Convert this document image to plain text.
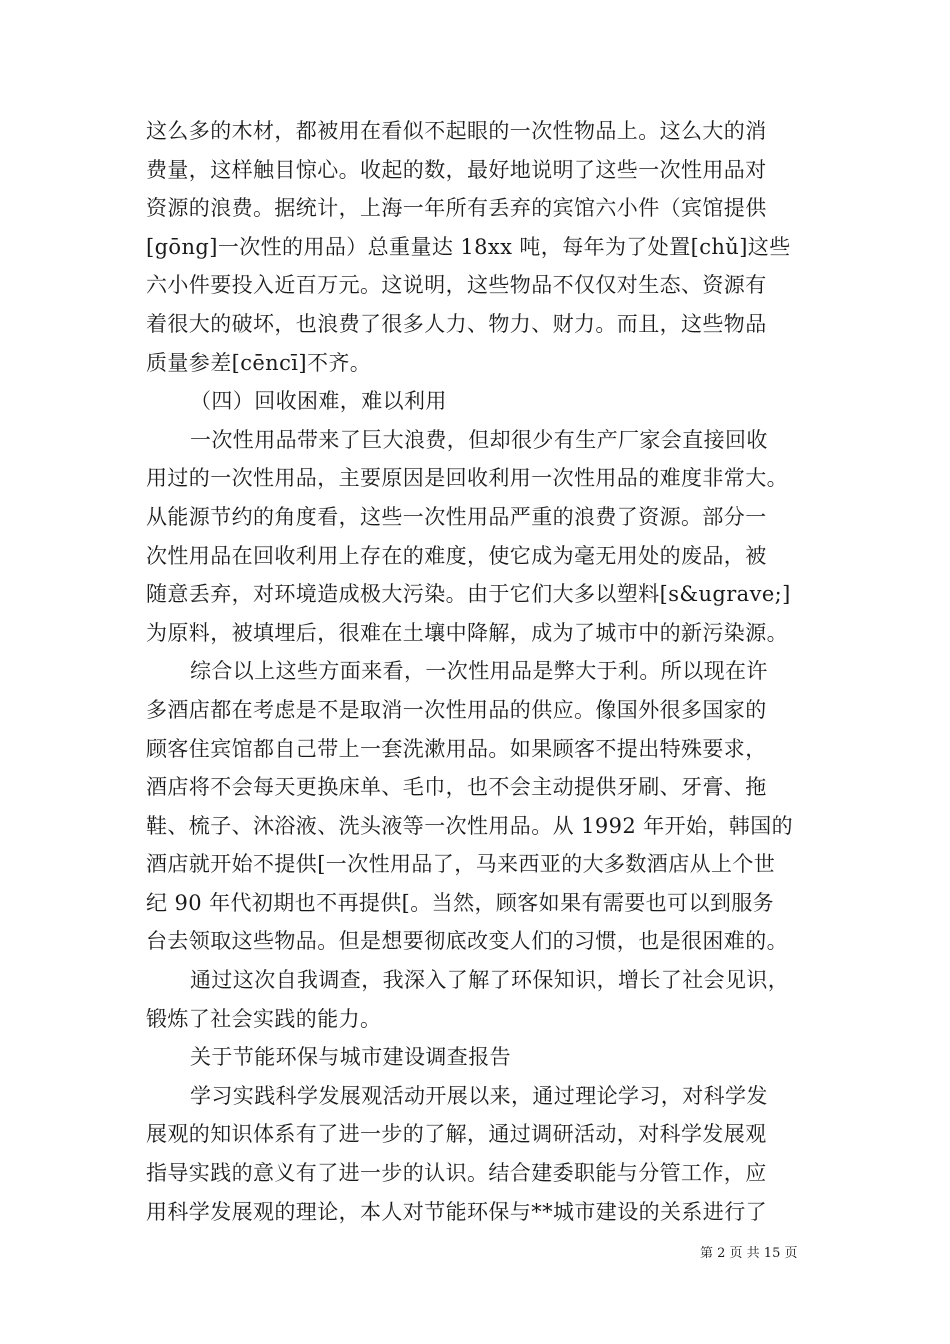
这么多的木材，都被用在看似不起眼的一次性物品上。这么大的消
费量，这样触目惊心。收起的数，最好地说明了这些一次性用品对
资源的浪费。据统计，上海一年所有丢弃的宾馆六小件（宾馆提供
[gōng]一次性的用品）总重量达 18xx 吨，每年为了处置[chǔ]这些
六小件要投入近百万元。这说明，这些物品不仅仅对生态、资源有
着很大的破坏，也浪费了很多人力、物力、财力。而且，这些物品
质量参差[cēncī]不齐。
（四）回收困难，难以利用
一次性用品带来了巨大浪费，但却很少有生产厂家会直接回收
用过的一次性用品，主要原因是回收利用一次性用品的难度非常大。
从能源节约的角度看，这些一次性用品严重的浪费了资源。部分一
次性用品在回收利用上存在的难度，使它成为毫无用处的废品，被
随意丢弃，对环境造成极大污染。由于它们大多以塑料[s&ugrave;]
为原料，被填埋后，很难在土壤中降解，成为了城市中的新污染源。
综合以上这些方面来看，一次性用品是弊大于利。所以现在许
多酒店都在考虑是不是取消一次性用品的供应。像国外很多国家的
顾客住宾馆都自己带上一套洗漱用品。如果顾客不提出特殊要求，
酒店将不会每天更换床单、毛巾，也不会主动提供牙刷、牙膏、拖
鞋、梳子、沐浴液、洗头液等一次性用品。从 1992 年开始，韩国的
酒店就开始不提供[一次性用品了，马来西亚的大多数酒店从上个世
纪 90 年代初期也不再提供[。当然，顾客如果有需要也可以到服务
台去领取这些物品。但是想要彻底改变人们的习惯，也是很困难的。
通过这次自我调查，我深入了解了环保知识，增长了社会见识，
锻炼了社会实践的能力。
关于节能环保与城市建设调查报告
学习实践科学发展观活动开展以来，通过理论学习，对科学发
展观的知识体系有了进一步的了解，通过调研活动，对科学发展观
指导实践的意义有了进一步的认识。结合建委职能与分管工作，应
用科学发展观的理论，本人对节能环保与**城市建设的关系进行了
第 2 页 共 15 页
